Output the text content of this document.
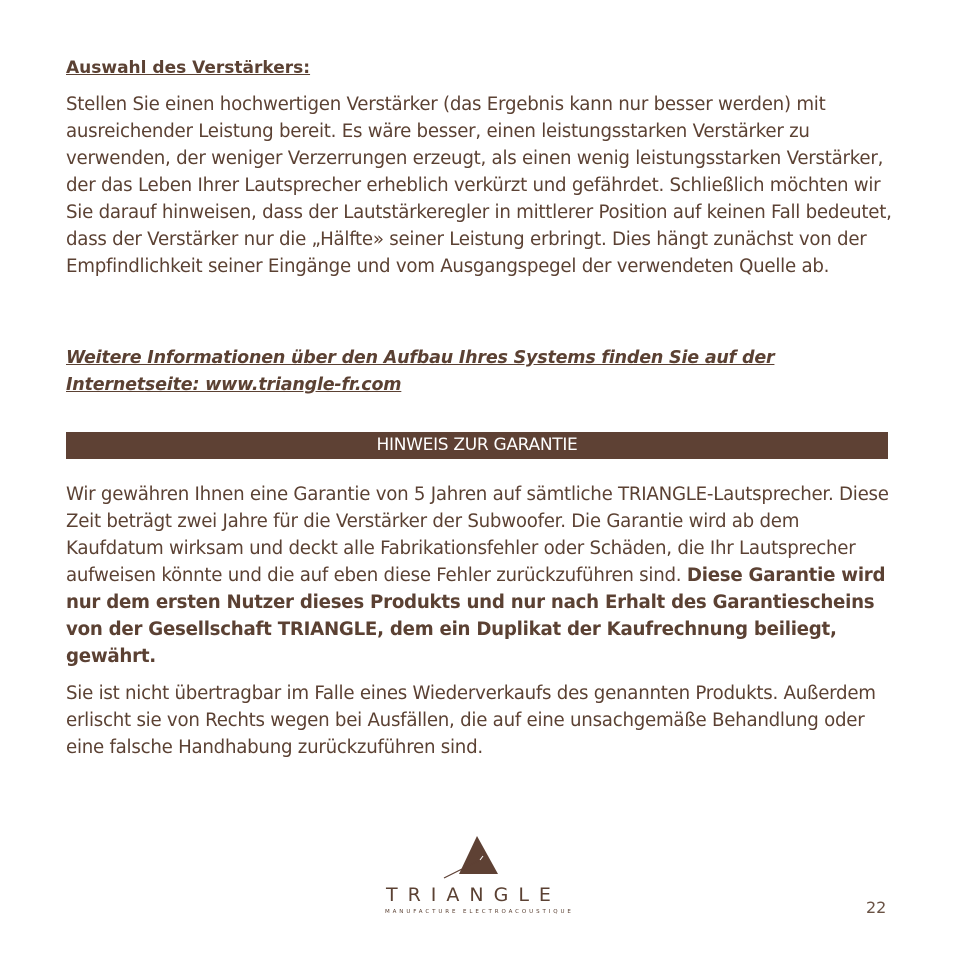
Auswahl des Verstärkers:

Stellen Sie einen hochwertigen Verstärker (das Ergebnis kann nur besser werden) mit ausreichender Leistung bereit. Es wäre besser, einen leistungsstarken Verstärker zu verwenden, der weniger Verzerrungen erzeugt, als einen wenig leistungsstarken Verstärker, der das Leben Ihrer Lautsprecher erheblich verkürzt und gefährdet. Schließlich möchten wir Sie darauf hinweisen, dass der Lautstärkeregler in mittlerer Position auf keinen Fall bedeutet, dass der Verstärker nur die „Hälfte» seiner Leistung erbringt. Dies hängt zunächst von der Empfindlichkeit seiner Eingänge und vom Ausgangspegel der verwendeten Quelle ab.

Weitere Informationen über den Aufbau Ihres Systems finden Sie auf der Internetseite: www.triangle-fr.com

HINWEIS ZUR GARANTIE

Wir gewähren Ihnen eine Garantie von 5 Jahren auf sämtliche TRIANGLE-Lautsprecher. Diese Zeit beträgt zwei Jahre für die Verstärker der Subwoofer. Die Garantie wird ab dem Kaufdatum wirksam und deckt alle Fabrikationsfehler oder Schäden, die Ihr Lautsprecher aufweisen könnte und die auf eben diese Fehler zurückzuführen sind. Diese Garantie wird nur dem ersten Nutzer dieses Produkts und nur nach Erhalt des Garantiescheins von der Gesellschaft TRIANGLE, dem ein Duplikat der Kaufrechnung beiliegt, gewährt.

Sie ist nicht übertragbar im Falle eines Wiederverkaufs des genannten Produkts. Außerdem erlischt sie von Rechts wegen bei Ausfällen, die auf eine unsachgemäße Behandlung oder eine falsche Handhabung zurückzuführen sind.

TRIANGLE
MANUFACTURE ELECTROACOUSTIQUE	22
